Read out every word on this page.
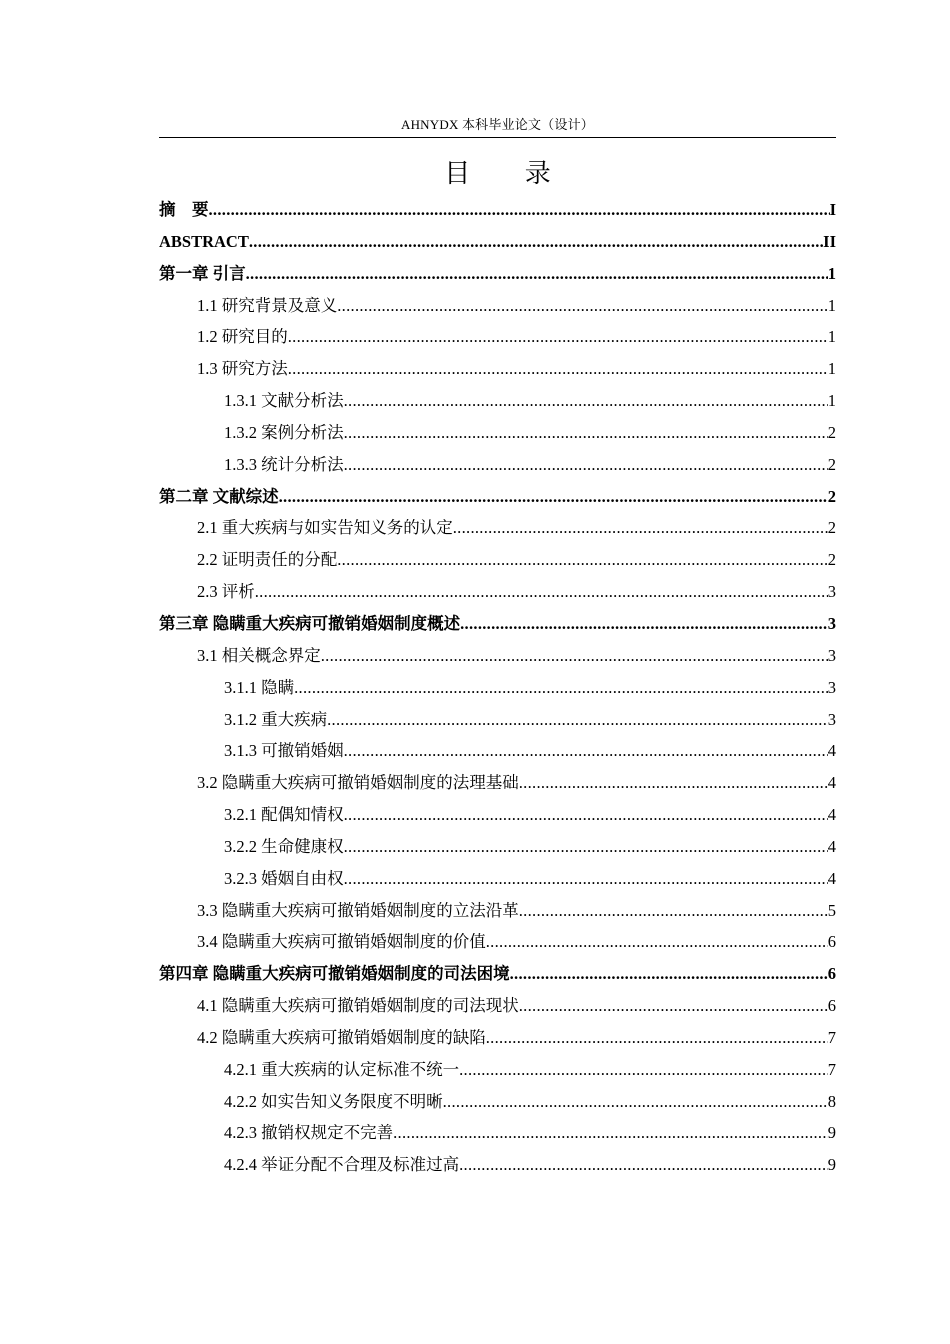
AHNYDX 本科毕业论文（设计）
目 录
摘　要 .....	I
ABSTRACT .....	II
第一章 引言 .....	1
1.1 研究背景及意义 .....	1
1.2 研究目的 .....	1
1.3 研究方法 .....	1
1.3.1 文献分析法 .....	1
1.3.2 案例分析法 .....	2
1.3.3 统计分析法 .....	2
第二章 文献综述 .....	2
2.1 重大疾病与如实告知义务的认定 .....	2
2.2 证明责任的分配 .....	2
2.3 评析 .....	3
第三章 隐瞒重大疾病可撤销婚姻制度概述 .....	3
3.1 相关概念界定 .....	3
3.1.1 隐瞒 .....	3
3.1.2 重大疾病 .....	3
3.1.3 可撤销婚姻 .....	4
3.2 隐瞒重大疾病可撤销婚姻制度的法理基础 .....	4
3.2.1 配偶知情权 .....	4
3.2.2 生命健康权 .....	4
3.2.3 婚姻自由权 .....	4
3.3 隐瞒重大疾病可撤销婚姻制度的立法沿革 .....	5
3.4 隐瞒重大疾病可撤销婚姻制度的价值 .....	6
第四章 隐瞒重大疾病可撤销婚姻制度的司法困境 .....	6
4.1 隐瞒重大疾病可撤销婚姻制度的司法现状 .....	6
4.2 隐瞒重大疾病可撤销婚姻制度的缺陷 .....	7
4.2.1 重大疾病的认定标准不统一 .....	7
4.2.2 如实告知义务限度不明晰 .....	8
4.2.3 撤销权规定不完善 .....	9
4.2.4 举证分配不合理及标准过高 .....	9
